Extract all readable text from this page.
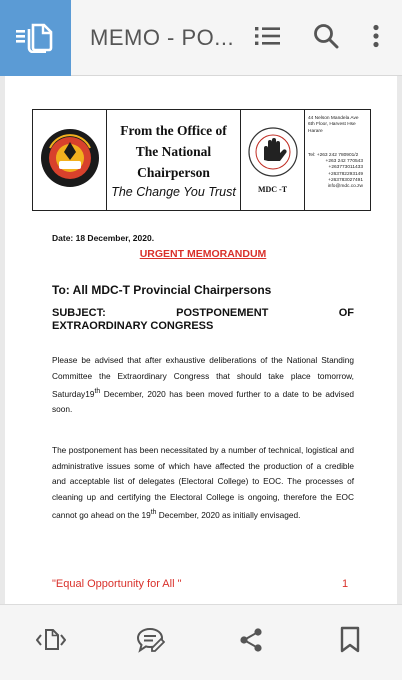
MEMO - PO...
From the Office of
The National
Chairperson
The Change You Trust	MDC -T
44 Nelson Mandela Ave
6th Floor, Harvest Hse
Harare
Tel: +263 242 780901/2
+263 242 770543
+263773011433
+263782293149
+263783027491
info@mdc.co.zw
Date: 18 December, 2020.
URGENT MEMORANDUM
To: All MDC-T Provincial Chairpersons
SUBJECT:	POSTPONEMENT	OF
EXTRAORDINARY CONGRESS
Please be advised that after exhaustive deliberations of the National Standing Committee the Extraordinary Congress that should take place tomorrow, Saturday19th December, 2020 has been moved further to a date to be advised soon.
The postponement has been necessitated by a number of technical, logistical and administrative issues some of which have affected the production of a credible and acceptable list of delegates (Electoral College) to EOC. The processes of cleaning up and certifying the Electoral College is ongoing, therefore the EOC cannot go ahead on the 19th December, 2020 as initially envisaged.
"Equal Opportunity for All "	1
